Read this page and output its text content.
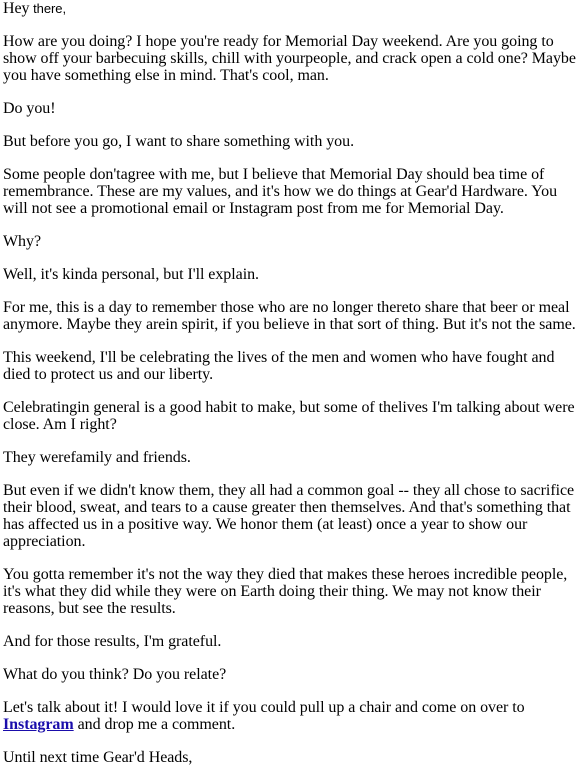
Hey there,

How are you doing? I hope you're ready for Memorial Day weekend. Are you going to show off your barbecuing skills, chill with yourpeople, and crack open a cold one? Maybe you have something else in mind. That's cool, man.

Do you!

But before you go, I want to share something with you.

Some people don'tagree with me, but I believe that Memorial Day should bea time of remembrance. These are my values, and it's how we do things at Gear'd Hardware. You will not see a promotional email or Instagram post from me for Memorial Day.

Why?

Well, it's kinda personal, but I'll explain.

For me, this is a day to remember those who are no longer thereto share that beer or meal anymore. Maybe they arein spirit, if you believe in that sort of thing. But it's not the same.

This weekend, I'll be celebrating the lives of the men and women who have fought and died to protect us and our liberty.

Celebratingin general is a good habit to make, but some of thelives I'm talking about were close. Am I right?

They werefamily and friends.

But even if we didn't know them, they all had a common goal -- they all chose to sacrifice their blood, sweat, and tears to a cause greater then themselves. And that's something that has affected us in a positive way. We honor them (at least) once a year to show our appreciation.

You gotta remember it's not the way they died that makes these heroes incredible people, it's what they did while they were on Earth doing their thing. We may not know their reasons, but see the results.

And for those results, I'm grateful.

What do you think? Do you relate?

Let's talk about it! I would love it if you could pull up a chair and come on over to Instagram and drop me a comment.

Until next time Gear'd Heads,
